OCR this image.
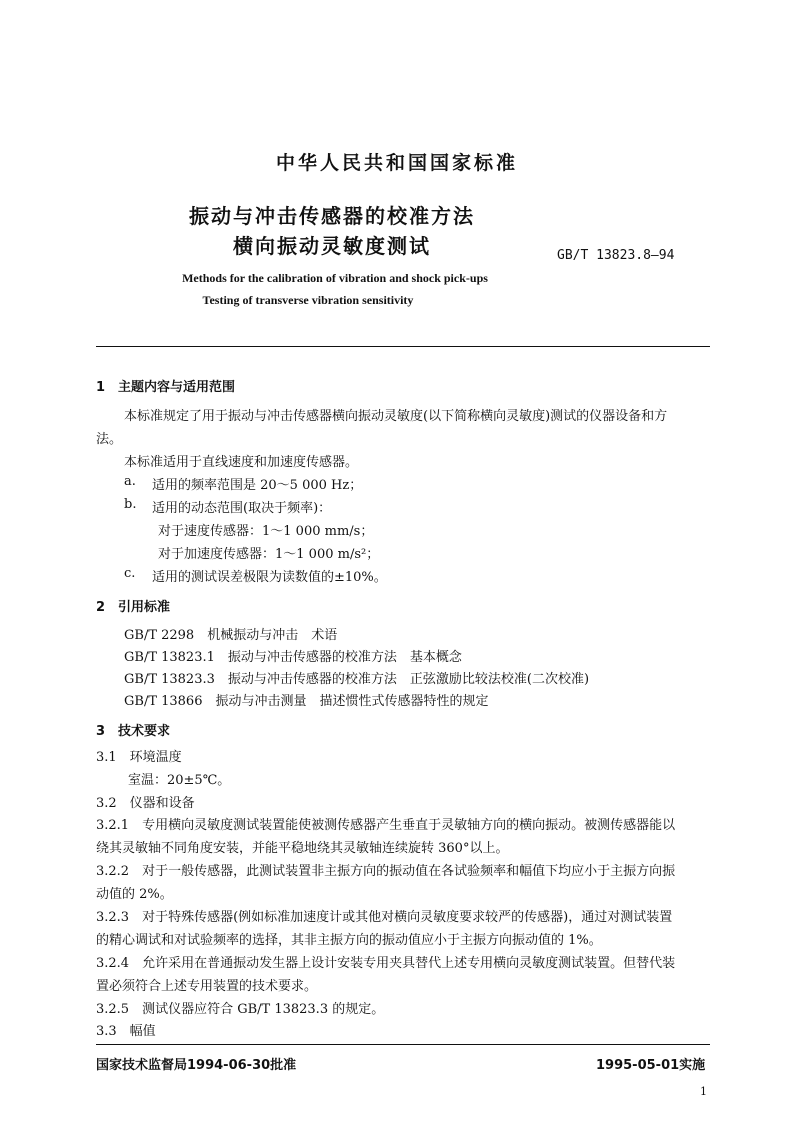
中华人民共和国国家标准
振动与冲击传感器的校准方法
横向振动灵敏度测试	GB/T 13823.8—94
Methods for the calibration of vibration and shock pick-ups
Testing of transverse vibration sensitivity
1　主题内容与适用范围
本标准规定了用于振动与冲击传感器横向振动灵敏度(以下简称横向灵敏度)测试的仪器设备和方
法。
本标准适用于直线速度和加速度传感器。
a. 适用的频率范围是 20～5 000 Hz；
b. 适用的动态范围(取决于频率)：
对于速度传感器：1～1 000 mm/s；
对于加速度传感器：1～1 000 m/s²；
c. 适用的测试误差极限为读数值的±10%。
2　引用标准
GB/T 2298　机械振动与冲击　术语
GB/T 13823.1　振动与冲击传感器的校准方法　基本概念
GB/T 13823.3　振动与冲击传感器的校准方法　正弦激励比较法校准(二次校准)
GB/T 13866　振动与冲击测量　描述惯性式传感器特性的规定
3　技术要求
3.1　环境温度
室温：20±5℃。
3.2　仪器和设备
3.2.1　专用横向灵敏度测试装置能使被测传感器产生垂直于灵敏轴方向的横向振动。被测传感器能以
绕其灵敏轴不同角度安装，并能平稳地绕其灵敏轴连续旋转 360°以上。
3.2.2　对于一般传感器，此测试装置非主振方向的振动值在各试验频率和幅值下均应小于主振方向振
动值的 2%。
3.2.3　对于特殊传感器(例如标准加速度计或其他对横向灵敏度要求较严的传感器)，通过对测试装置
的精心调试和对试验频率的选择，其非主振方向的振动值应小于主振方向振动值的 1%。
3.2.4　允许采用在普通振动发生器上设计安装专用夹具替代上述专用横向灵敏度测试装置。但替代装
置必须符合上述专用装置的技术要求。
3.2.5　测试仪器应符合 GB/T 13823.3 的规定。
3.3　幅值
国家技术监督局1994-06-30批准	1995-05-01实施
1
